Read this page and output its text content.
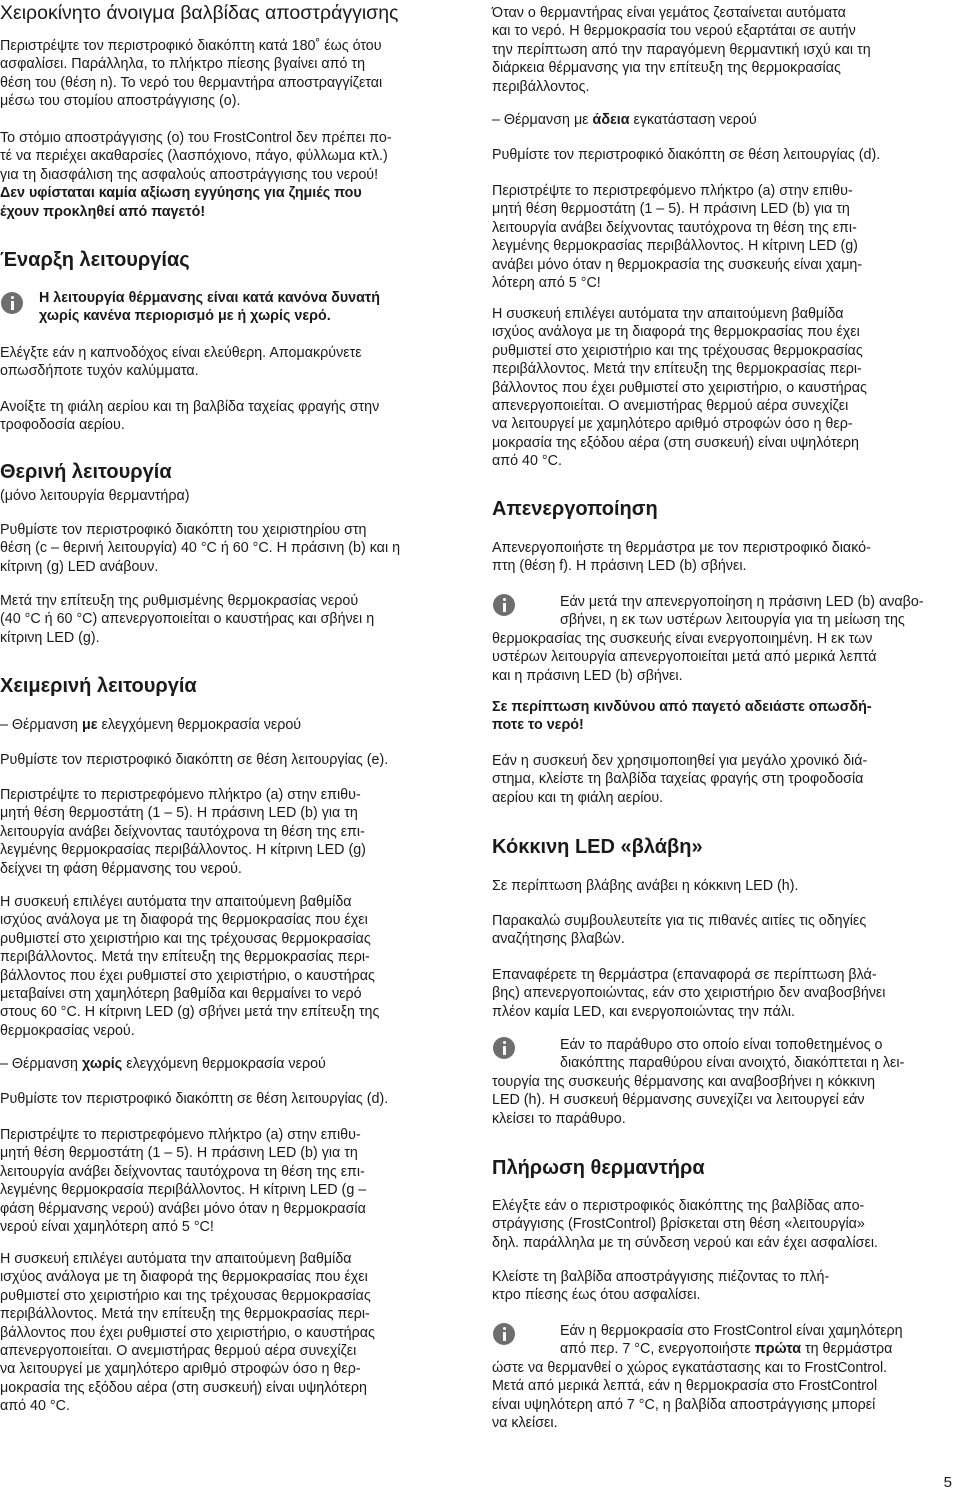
Χειροκίνητο άνοιγμα βαλβίδας αποστράγγισης

Περιστρέψτε τον περιστροφικό διακόπτη κατά 180˚ έως ότου
ασφαλίσει. Παράλληλα, το πλήκτρο πίεσης βγαίνει από τη
θέση του (θέση n). Το νερό του θερμαντήρα αποστραγγίζεται
μέσω του στομίου αποστράγγισης (ο).

Το στόμιο αποστράγγισης (ο) του FrostControl δεν πρέπει πο-
τέ να περιέχει ακαθαρσίες (λασπόχιονο, πάγο, φύλλωμα κτλ.)
για τη διασφάλιση της ασφαλούς αποστράγγισης του νερού!
Δεν υφίσταται καμία αξίωση εγγύησης για ζημιές που
έχουν προκληθεί από παγετό!

Έναρξη λειτουργίας

Η λειτουργία θέρμανσης είναι κατά κανόνα δυνατή
χωρίς κανένα περιορισμό με ή χωρίς νερό.

Ελέγξτε εάν η καπνοδόχος είναι ελεύθερη. Απομακρύνετε
οπωσδήποτε τυχόν καλύμματα.

Ανοίξτε τη φιάλη αερίου και τη βαλβίδα ταχείας φραγής στην
τροφοδοσία αερίου.

Θερινή λειτουργία

(μόνο λειτουργία θερμαντήρα)

Ρυθμίστε τον περιστροφικό διακόπτη του χειριστηρίου στη
θέση (c – θερινή λειτουργία) 40 °C ή 60 °C. Η πράσινη (b) και η
κίτρινη (g) LED ανάβουν.

Μετά την επίτευξη της ρυθμισμένης θερμοκρασίας νερού
(40 °C ή 60 °C) απενεργοποιείται ο καυστήρας και σβήνει η
κίτρινη LED (g).

Χειμερινή λειτουργία

– Θέρμανση με ελεγχόμενη θερμοκρασία νερού

Ρυθμίστε τον περιστροφικό διακόπτη σε θέση λειτουργίας (e).

Περιστρέψτε το περιστρεφόμενο πλήκτρο (a) στην επιθυ-
μητή θέση θερμοστάτη (1 – 5). Η πράσινη LED (b) για τη
λειτουργία ανάβει δείχνοντας ταυτόχρονα τη θέση της επι-
λεγμένης θερμοκρασίας περιβάλλοντος. Η κίτρινη LED (g)
δείχνει τη φάση θέρμανσης του νερού.

Η συσκευή επιλέγει αυτόματα την απαιτούμενη βαθμίδα
ισχύος ανάλογα με τη διαφορά της θερμοκρασίας που έχει
ρυθμιστεί στο χειριστήριο και της τρέχουσας θερμοκρασίας
περιβάλλοντος. Μετά την επίτευξη της θερμοκρασίας περι-
βάλλοντος που έχει ρυθμιστεί στο χειριστήριο, ο καυστήρας
μεταβαίνει στη χαμηλότερη βαθμίδα και θερμαίνει το νερό
στους 60 °C. Η κίτρινη LED (g) σβήνει μετά την επίτευξη της
θερμοκρασίας νερού.

– Θέρμανση χωρίς ελεγχόμενη θερμοκρασία νερού

Ρυθμίστε τον περιστροφικό διακόπτη σε θέση λειτουργίας (d).

Περιστρέψτε το περιστρεφόμενο πλήκτρο (a) στην επιθυ-
μητή θέση θερμοστάτη (1 – 5). Η πράσινη LED (b) για τη
λειτουργία ανάβει δείχνοντας ταυτόχρονα τη θέση της επι-
λεγμένης θερμοκρασία περιβάλλοντος. Η κίτρινη LED (g –
φάση θέρμανσης νερού) ανάβει μόνο όταν η θερμοκρασία
νερού είναι χαμηλότερη από 5 °C!

Η συσκευή επιλέγει αυτόματα την απαιτούμενη βαθμίδα
ισχύος ανάλογα με τη διαφορά της θερμοκρασίας που έχει
ρυθμιστεί στο χειριστήριο και της τρέχουσας θερμοκρασίας
περιβάλλοντος. Μετά την επίτευξη της θερμοκρασίας περι-
βάλλοντος που έχει ρυθμιστεί στο χειριστήριο, ο καυστήρας
απενεργοποιείται. Ο ανεμιστήρας θερμού αέρα συνεχίζει
να λειτουργεί με χαμηλότερο αριθμό στροφών όσο η θερ-
μοκρασία της εξόδου αέρα (στη συσκευή) είναι υψηλότερη
από 40 °C.

Όταν ο θερμαντήρας είναι γεμάτος ζεσταίνεται αυτόματα
και το νερό. Η θερμοκρασία του νερού εξαρτάται σε αυτήν
την περίπτωση από την παραγόμενη θερμαντική ισχύ και τη
διάρκεια θέρμανσης για την επίτευξη της θερμοκρασίας
περιβάλλοντος.

– Θέρμανση με άδεια εγκατάσταση νερού

Ρυθμίστε τον περιστροφικό διακόπτη σε θέση λειτουργίας (d).

Περιστρέψτε το περιστρεφόμενο πλήκτρο (a) στην επιθυ-
μητή θέση θερμοστάτη (1 – 5). Η πράσινη LED (b) για τη
λειτουργία ανάβει δείχνοντας ταυτόχρονα τη θέση της επι-
λεγμένης θερμοκρασίας περιβάλλοντος. Η κίτρινη LED (g)
ανάβει μόνο όταν η θερμοκρασία της συσκευής είναι χαμη-
λότερη από 5 °C!

Η συσκευή επιλέγει αυτόματα την απαιτούμενη βαθμίδα
ισχύος ανάλογα με τη διαφορά της θερμοκρασίας που έχει
ρυθμιστεί στο χειριστήριο και της τρέχουσας θερμοκρασίας
περιβάλλοντος. Μετά την επίτευξη της θερμοκρασίας περι-
βάλλοντος που έχει ρυθμιστεί στο χειριστήριο, ο καυστήρας
απενεργοποιείται. Ο ανεμιστήρας θερμού αέρα συνεχίζει
να λειτουργεί με χαμηλότερο αριθμό στροφών όσο η θερ-
μοκρασία της εξόδου αέρα (στη συσκευή) είναι υψηλότερη
από 40 °C.

Απενεργοποίηση

Απενεργοποιήστε τη θερμάστρα με τον περιστροφικό διακό-
πτη (θέση f). Η πράσινη LED (b) σβήνει.

Εάν μετά την απενεργοποίηση η πράσινη LED (b) αναβο-
σβήνει, η εκ των υστέρων λειτουργία για τη μείωση της
θερμοκρασίας της συσκευής είναι ενεργοποιημένη. Η εκ των
υστέρων λειτουργία απενεργοποιείται μετά από μερικά λεπτά
και η πράσινη LED (b) σβήνει.

Σε περίπτωση κινδύνου από παγετό αδειάστε οπωσδή-
ποτε το νερό!

Εάν η συσκευή δεν χρησιμοποιηθεί για μεγάλο χρονικό διά-
στημα, κλείστε τη βαλβίδα ταχείας φραγής στη τροφοδοσία
αερίου και τη φιάλη αερίου.

Κόκκινη LED «βλάβη»

Σε περίπτωση βλάβης ανάβει η κόκκινη LED (h).

Παρακαλώ συμβουλευτείτε για τις πιθανές αιτίες τις οδηγίες
αναζήτησης βλαβών.

Επαναφέρετε τη θερμάστρα (επαναφορά σε περίπτωση βλά-
βης) απενεργοποιώντας, εάν στο χειριστήριο δεν αναβοσβήνει
πλέον καμία LED, και ενεργοποιώντας την πάλι.

Εάν το παράθυρο στο οποίο είναι τοποθετημένος ο
διακόπτης παραθύρου είναι ανοιχτό, διακόπτεται η λει-
τουργία της συσκευής θέρμανσης και αναβοσβήνει η κόκκινη
LED (h). Η συσκευή θέρμανσης συνεχίζει να λειτουργεί εάν
κλείσει το παράθυρο.

Πλήρωση θερμαντήρα

Ελέγξτε εάν ο περιστροφικός διακόπτης της βαλβίδας απο-
στράγγισης (FrostControl) βρίσκεται στη θέση «λειτουργία»
δηλ. παράλληλα με τη σύνδεση νερού και εάν έχει ασφαλίσει.

Κλείστε τη βαλβίδα αποστράγγισης πιέζοντας το πλή-
κτρο πίεσης έως ότου ασφαλίσει.

Εάν η θερμοκρασία στο FrostControl είναι χαμηλότερη
από περ. 7 °C, ενεργοποιήστε πρώτα τη θερμάστρα
ώστε να θερμανθεί ο χώρος εγκατάστασης και το FrostControl.
Μετά από μερικά λεπτά, εάν η θερμοκρασία στο FrostControl
είναι υψηλότερη από 7 °C, η βαλβίδα αποστράγγισης μπορεί
να κλείσει.

5
